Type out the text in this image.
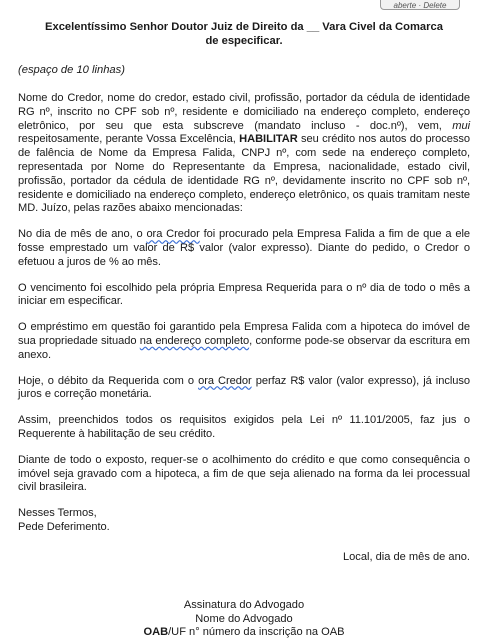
aberte · Delete
Excelentíssimo Senhor Doutor Juiz de Direito da __ Vara Civel da Comarca
de especificar.
(espaço de 10 linhas)

Nome do Credor, nome do credor, estado civil, profissão, portador da cédula de identidade RG nº, inscrito no CPF sob nº, residente e domiciliado na endereço completo, endereço eletrônico, por seu que esta subscreve (mandato incluso - doc.nº), vem, mui respeitosamente, perante Vossa Excelência, HABILITAR seu crédito nos autos do processo de falência de Nome da Empresa Falida, CNPJ nº, com sede na endereço completo, representada por Nome do Representante da Empresa, nacionalidade, estado civil, profissão, portador da cédula de identidade RG nº, devidamente inscrito no CPF sob nº, residente e domiciliado na endereço completo, endereço eletrônico, os quais tramitam neste MD. Juízo, pelas razões abaixo mencionadas:

No dia de mês de ano, o ora Credor foi procurado pela Empresa Falida a fim de que a ele fosse emprestado um valor de R$ valor (valor expresso). Diante do pedido, o Credor o efetuou a juros de % ao mês.

O vencimento foi escolhido pela própria Empresa Requerida para o nº dia de todo o mês a iniciar em especificar.

O empréstimo em questão foi garantido pela Empresa Falida com a hipoteca do imóvel de sua propriedade situado na endereço completo, conforme pode-se observar da escritura em anexo.

Hoje, o débito da Requerida com o ora Credor perfaz R$ valor (valor expresso), já incluso juros e correção monetária.

Assim, preenchidos todos os requisitos exigidos pela Lei nº 11.101/2005, faz jus o Requerente à habilitação de seu crédito.

Diante de todo o exposto, requer-se o acolhimento do crédito e que como consequência o imóvel seja gravado com a hipoteca, a fim de que seja alienado na forma da lei processual civil brasileira.

Nesses Termos,
Pede Deferimento.

Local, dia de mês de ano.
Assinatura do Advogado
Nome do Advogado
OAB/UF n° número da inscrição na OAB
